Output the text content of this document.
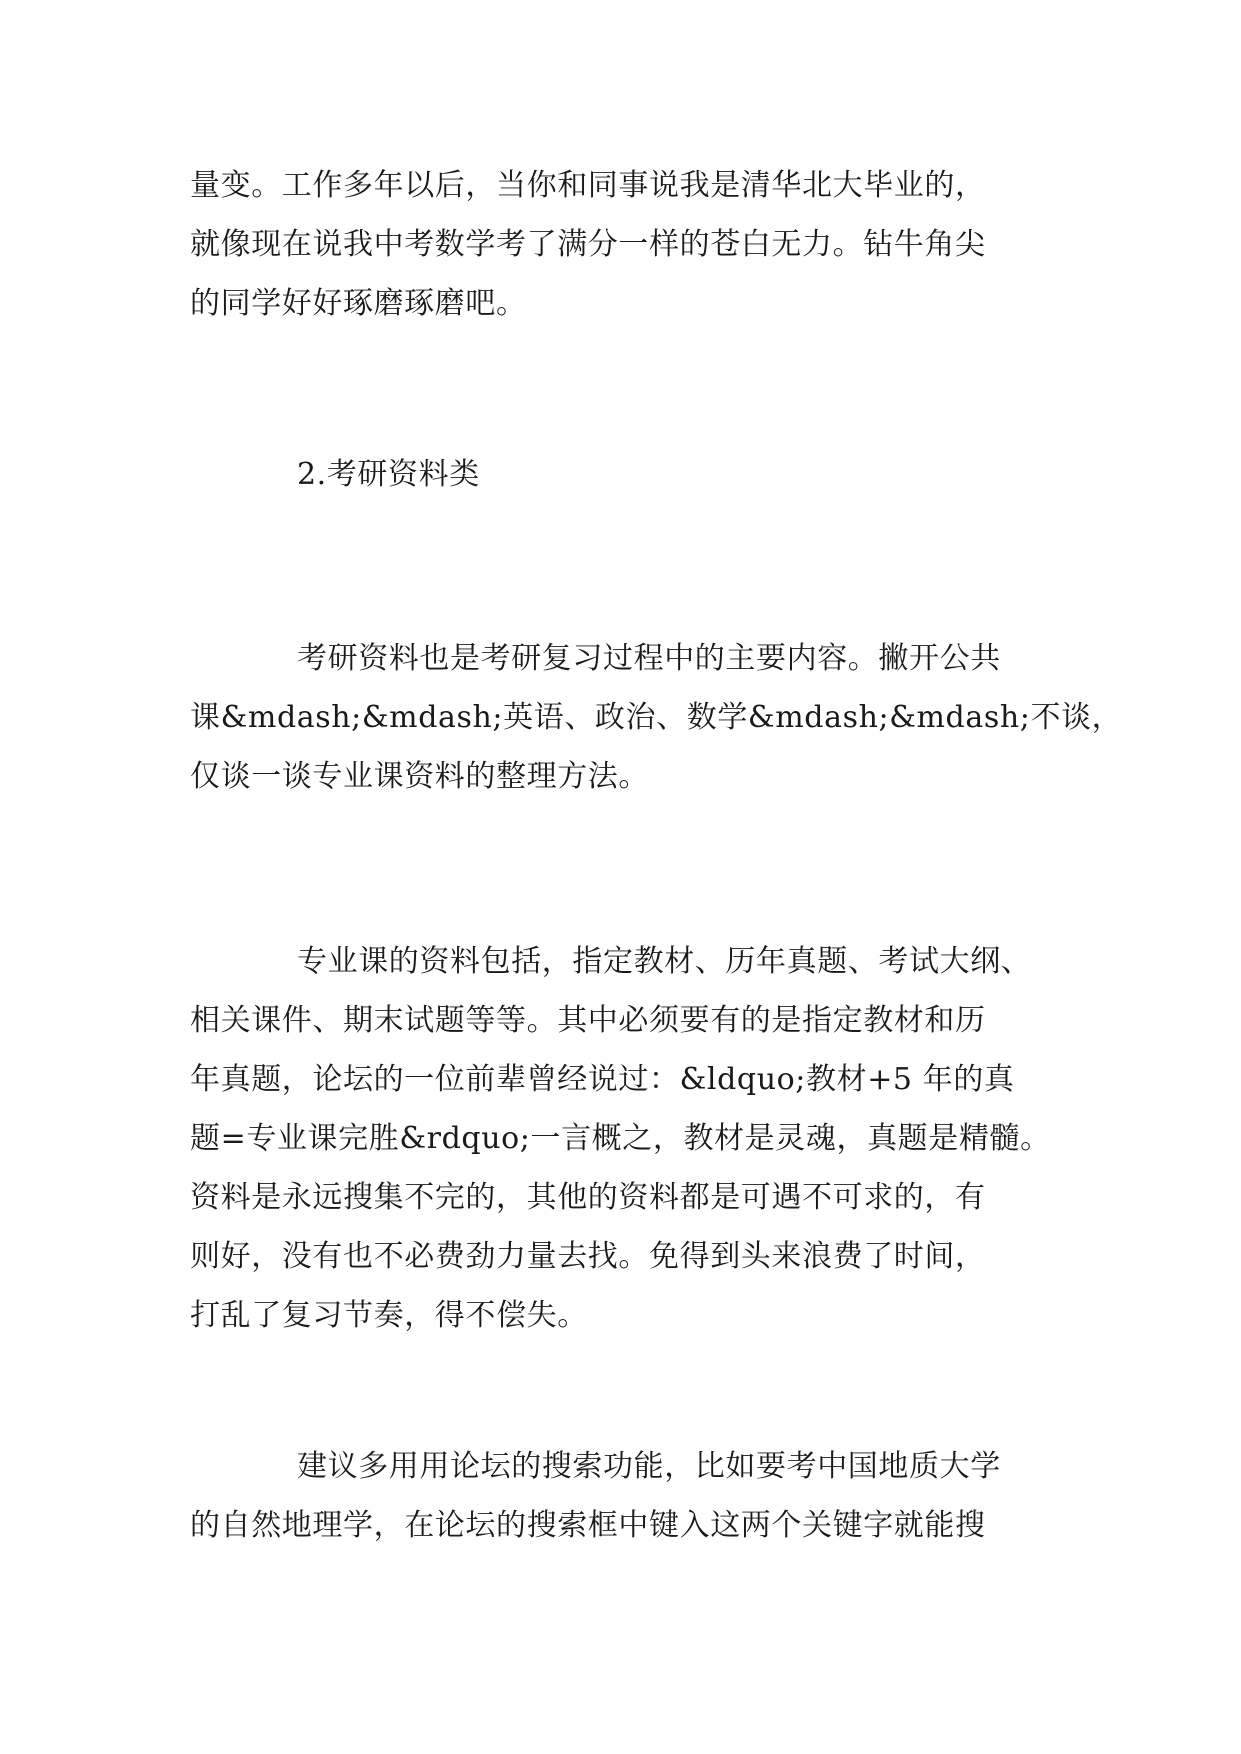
量变。工作多年以后，当你和同事说我是清华北大毕业的，
就像现在说我中考数学考了满分一样的苍白无力。钻牛角尖
的同学好好琢磨琢磨吧。
2.考研资料类
考研资料也是考研复习过程中的主要内容。撇开公共
课&mdash;&mdash;英语、政治、数学&mdash;&mdash;不谈，
仅谈一谈专业课资料的整理方法。
专业课的资料包括，指定教材、历年真题、考试大纲、
相关课件、期末试题等等。其中必须要有的是指定教材和历
年真题，论坛的一位前辈曾经说过：&ldquo;教材+5 年的真
题=专业课完胜&rdquo;一言概之，教材是灵魂，真题是精髓。
资料是永远搜集不完的，其他的资料都是可遇不可求的，有
则好，没有也不必费劲力量去找。免得到头来浪费了时间，
打乱了复习节奏，得不偿失。
建议多用用论坛的搜索功能，比如要考中国地质大学
的自然地理学，在论坛的搜索框中键入这两个关键字就能搜
